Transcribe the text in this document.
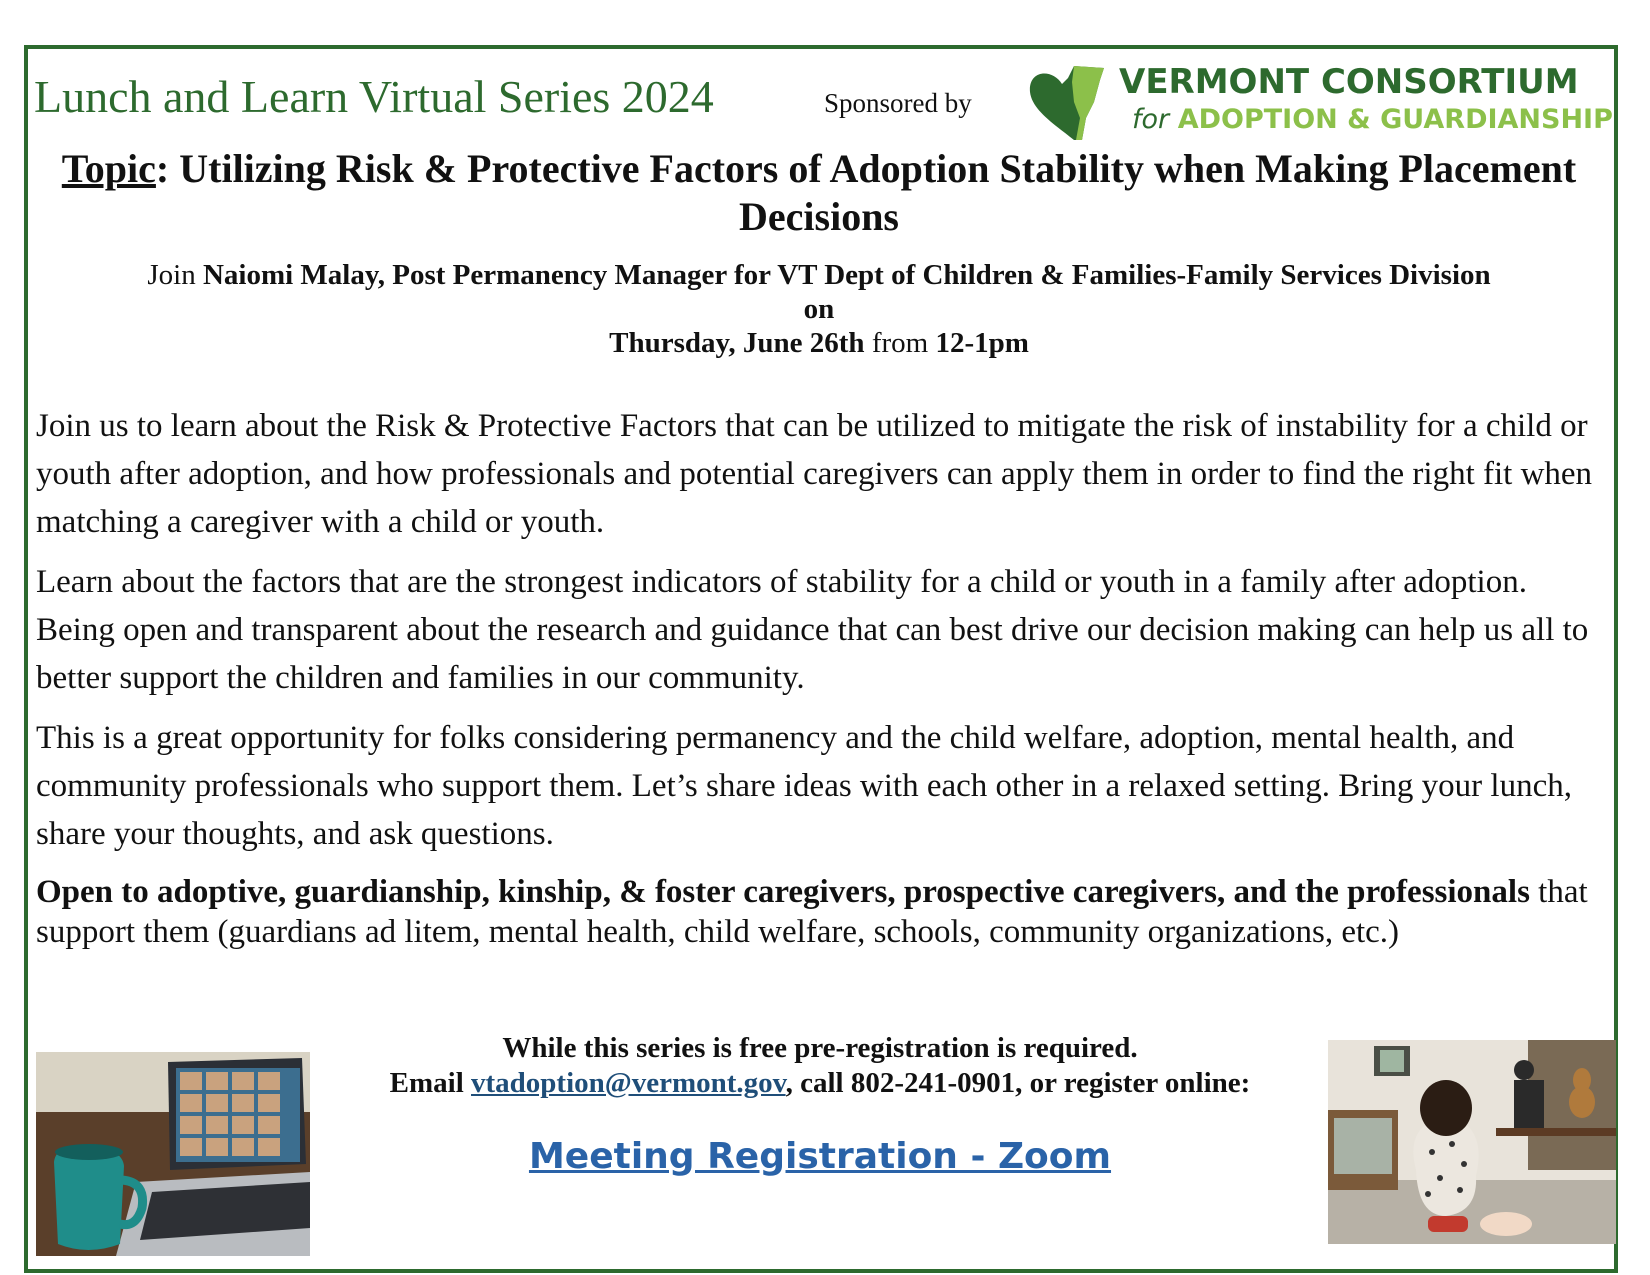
Lunch and Learn Virtual Series 2024	Sponsored by
VERMONT CONSORTIUM
for ADOPTION & GUARDIANSHIP
Topic: Utilizing Risk & Protective Factors of Adoption Stability when Making Placement Decisions
Join Naiomi Malay, Post Permanency Manager for VT Dept of Children & Families-Family Services Division
on
Thursday, June 26th from 12-1pm

Join us to learn about the Risk & Protective Factors that can be utilized to mitigate the risk of instability for a child or youth after adoption, and how professionals and potential caregivers can apply them in order to find the right fit when matching a caregiver with a child or youth.

Learn about the factors that are the strongest indicators of stability for a child or youth in a family after adoption. Being open and transparent about the research and guidance that can best drive our decision making can help us all to better support the children and families in our community.

This is a great opportunity for folks considering permanency and the child welfare, adoption, mental health, and community professionals who support them. Let’s share ideas with each other in a relaxed setting. Bring your lunch, share your thoughts, and ask questions.

Open to adoptive, guardianship, kinship, & foster caregivers, prospective caregivers, and the professionals that support them (guardians ad litem, mental health, child welfare, schools, community organizations, etc.)

While this series is free pre-registration is required.
Email vtadoption@vermont.gov, call 802-241-0901, or register online:
Meeting Registration - Zoom
